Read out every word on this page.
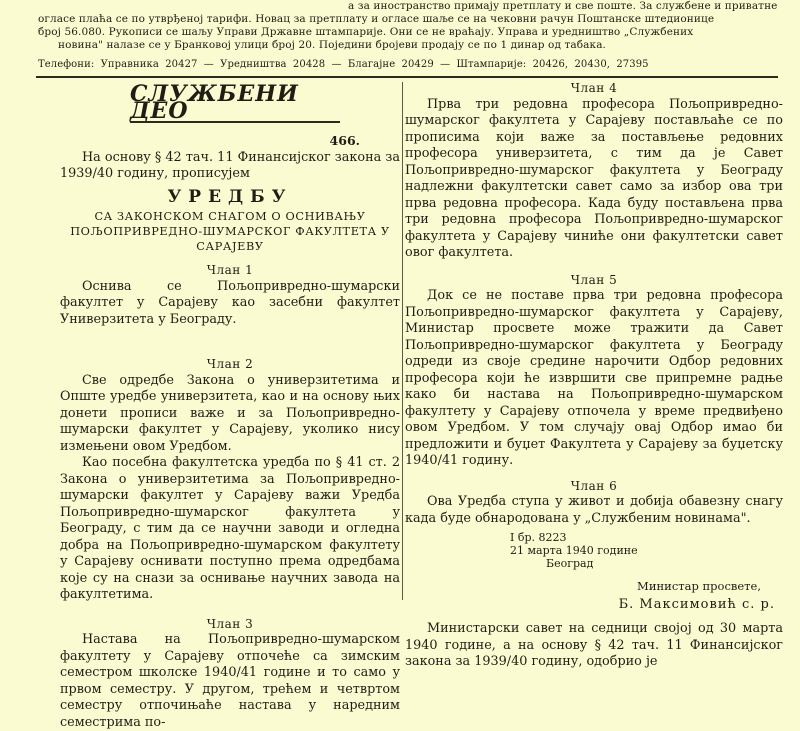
а за иностранство примају претплату и све поште. За службене и приватне
огласе плаћа се по утврђеној тарифи. Новац за претплату и огласе шаље се на чековни рачун Поштанске штедионице
број 56.080. Рукописи се шаљу Управи Државне штампарије. Они се не враћају. Управа и уредништво „Службених
новина" налазе се у Бранковој улици број 20. Поједини бројеви продају се по 1 динар од табака.
Телефони: Управника 20427 — Уредништва 20428 — Благајне 20429 — Штампарије: 20426, 20430, 27395
СЛУЖБЕНИ ДЕО

466.

На основу § 42 тач. 11 Финансијског закона за 1939/40 годину, прописујем

УРЕДБУ

СА ЗАКОНСКОМ СНАГОМ О ОСНИВАЊУ ПОЉОПРИВРЕДНО-ШУМАРСКОГ ФАКУЛТЕТА У САРАЈЕВУ

Члан 1

Оснива се Пољопривредно-шумарски факултет у Сарајеву као засебни факултет Универзитета у Београду.

Члан 2

Све одредбе Закона о универзитетима и Опште уредбе универзитета, као и на основу њих донети прописи важе и за Пољопривредно-шумарски факултет у Сарајеву, уколико нису измењени овом Уредбом.

Као посебна факултетска уредба по § 41 ст. 2 Закона о универзитетима за Пољопривредно-шумарски факултет у Сарајеву важи Уредба Пољопривредно-шумарског факултета у Београду, с тим да се научни заводи и огледна добра на Пољопривредно-шумарском факултету у Сарајеву оснивати поступно према одредбама које су на снази за оснивање научних завода на факултетима.

Члан 3

Настава на Пољопривредно-шумарском факултету у Сарајеву отпочеће са зимским семестром школске 1940/41 године и то само у првом семестру. У другом, трећем и четвртом семестру отпочињаће настава у наредним семестрима по-

Члан 4

Прва три редовна професора Пољопривредно-шумарског факултета у Сарајеву постављаће се по прописима који важе за постављење редовних професора универзитета, с тим да је Савет Пољопривредно-шумарског факултета у Београду надлежни факултетски савет само за избор ова три прва редовна професора. Када буду постављена прва три редовна професора Пољопривредно-шумарског факултета у Сарајеву чиниће они факултетски савет овог факултета.

Члан 5

Док се не поставе прва три редовна професора Пољопривредно-шумарског факултета у Сарајеву, Министар просвете може тражити да Савет Пољопривредно-шумарског факултета у Београду одреди из своје средине нарочити Одбор редовних професора који ће извршити све припремне радње како би настава на Пољопривредно-шумарском факултету у Сарајеву отпочела у време предвиђено овом Уредбом. У том случају овај Одбор имао би предложити и буџет Факултета у Сарајеву за буџетску 1940/41 годину.

Члан 6

Ова Уредба ступа у живот и добија обавезну снагу када буде обнародована у „Службеним новинама".

I бр. 8223
21 марта 1940 године
Београд

Министар просвете,

Б. Максимовић с. р.

Министарски савет на седници својој од 30 марта 1940 године, а на основу § 42 тач. 11 Финансијског закона за 1939/40 годину, одобрио је
